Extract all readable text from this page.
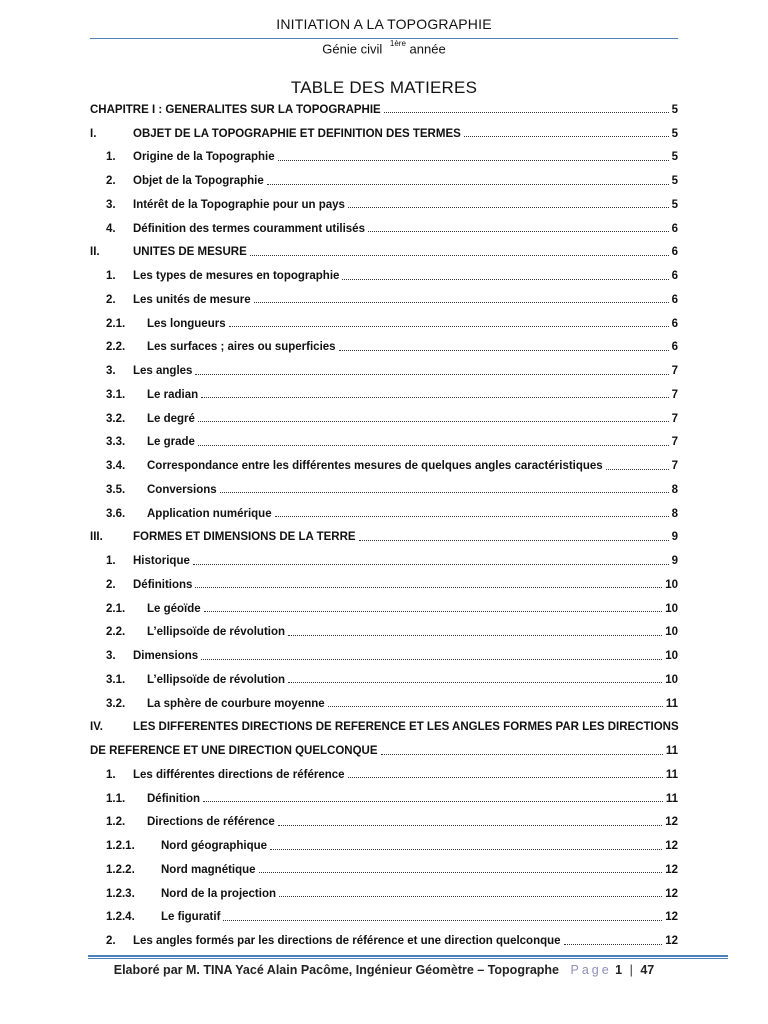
INITIATION A LA TOPOGRAPHIE
Génie civil $^{1ère}$ année
TABLE DES MATIERES
CHAPITRE I : GENERALITES SUR LA TOPOGRAPHIE	5
I.	OBJET DE LA TOPOGRAPHIE ET DEFINITION DES TERMES	5
1.	Origine de la Topographie	5
2.	Objet de la Topographie	5
3.	Intérêt de la Topographie pour un pays	5
4.	Définition des termes couramment utilisés	6
II.	UNITES DE MESURE	6
1.	Les types de mesures en topographie	6
2.	Les unités de mesure	6
2.1.	Les longueurs	6
2.2.	Les surfaces ; aires ou superficies	6
3.	Les angles	7
3.1.	Le radian	7
3.2.	Le degré	7
3.3.	Le grade	7
3.4.	Correspondance entre les différentes mesures de quelques angles caractéristiques	7
3.5.	Conversions	8
3.6.	Application numérique	8
III.	FORMES ET DIMENSIONS DE LA TERRE	9
1.	Historique	9
2.	Définitions	10
2.1.	Le géoïde	10
2.2.	L’ellipsoïde de révolution	10
3.	Dimensions	10
3.1.	L’ellipsoïde de révolution	10
3.2.	La sphère de courbure moyenne	11
IV.	LES DIFFERENTES DIRECTIONS DE REFERENCE ET LES ANGLES FORMES PAR LES DIRECTIONS
DE REFERENCE ET UNE DIRECTION QUELCONQUE	11
1.	Les différentes directions de référence	11
1.1.	Définition	11
1.2.	Directions de référence	12
1.2.1.	Nord géographique	12
1.2.2.	Nord magnétique	12
1.2.3.	Nord de la projection	12
1.2.4.	Le figuratif	12
2.	Les angles formés par les directions de référence et une direction quelconque	12
Elaboré par M. TINA Yacé Alain Pacôme, Ingénieur Géomètre – Topographe Page 1 | 47
